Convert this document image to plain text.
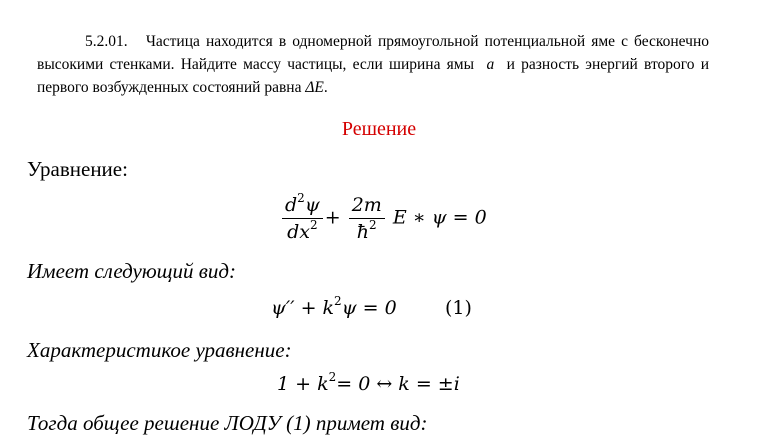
5.2.01. Частица находится в одномерной прямоугольной потенциальной яме с бесконечно высокими стенками. Найдите массу частицы, если ширина ямы a и разность энергий второго и первого возбужденных состояний равна ΔE.

Решение
Уравнение:
$\frac{d^2\psi}{dx^2} + \frac{2m}{ħ^2}$ E ∗ ψ = 0
Имеет следующий вид:
$\psi'' + k^2\psi = 0$	(1)
Характеристикое уравнение:
$1 + k^2= 0$ ↔ k = ±i
Тогда общее решение ЛОДУ (1) примет вид:
